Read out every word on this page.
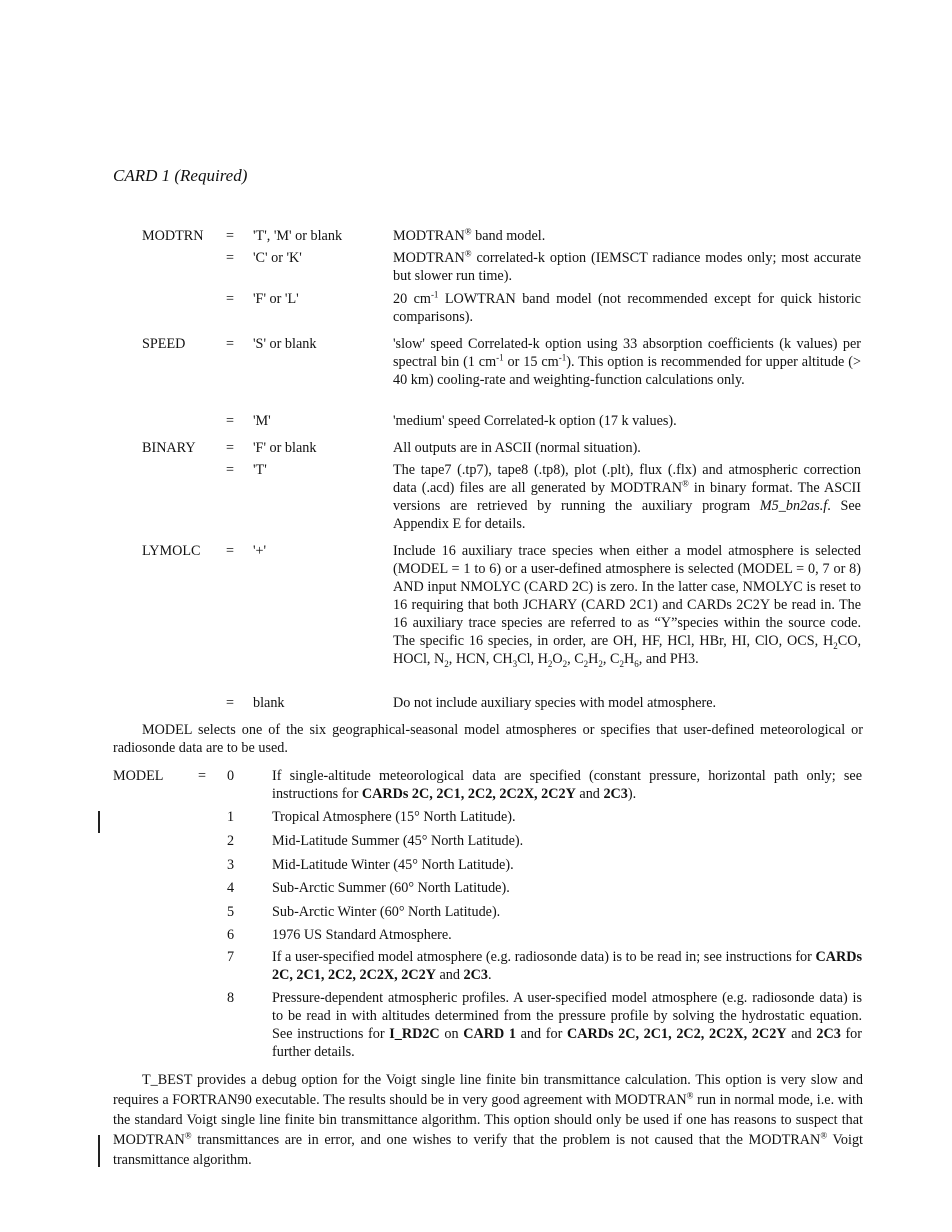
CARD 1 (Required)
MODTRN = 'T', 'M' or blank	MODTRAN® band model.
= 'C' or 'K'	MODTRAN® correlated-k option (IEMSCT radiance modes only; most accurate but slower run time).
= 'F' or 'L'	20 $cm^{-1}$ LOWTRAN band model (not recommended except for quick historic comparisons).
SPEED	= 'S' or blank	'slow' speed Correlated-k option using 33 absorption coefficients (k values) per spectral bin (1 $cm^{-1}$ or 15 $cm^{-1}$). This option is recommended for upper altitude (> 40 km) cooling-rate and weighting-function calculations only.
= 'M'	'medium' speed Correlated-k option (17 k values).
BINARY = 'F' or blank	All outputs are in ASCII (normal situation).
= 'T'	The tape7 (.tp7), tape8 (.tp8), plot (.plt), flux (.flx) and atmospheric correction data (.acd) files are all generated by MODTRAN® in binary format. The ASCII versions are retrieved by running the auxiliary program M5_bn2as.f. See Appendix E for details.
LYMOLC = '+'	Include 16 auxiliary trace species when either a model atmosphere is selected (MODEL = 1 to 6) or a user-defined atmosphere is selected (MODEL = 0, 7 or 8) AND input NMOLYC (CARD 2C) is zero. In the latter case, NMOLYC is reset to 16 requiring that both JCHARY (CARD 2C1) and CARDs 2C2Y be read in. The 16 auxiliary trace species are referred to as “Y”species within the source code. The specific 16 species, in order, are OH, HF, HCl, HBr, HI, ClO, OCS, $H_2CO$, HOCl, $N_2$, HCN, $CH_3Cl$, $H_2O_2$, $C_2H_2$, $C_2H_6$, and PH3.
= blank	Do not include auxiliary species with model atmosphere.
MODEL selects one of the six geographical-seasonal model atmospheres or specifies that user-defined meteorological or radiosonde data are to be used.
MODEL = 0	If single-altitude meteorological data are specified (constant pressure, horizontal path only; see instructions for CARDs 2C, 2C1, 2C2, 2C2X, 2C2Y and 2C3).
1	Tropical Atmosphere (15° North Latitude).
2	Mid-Latitude Summer (45° North Latitude).
3	Mid-Latitude Winter (45° North Latitude).
4	Sub-Arctic Summer (60° North Latitude).
5	Sub-Arctic Winter (60° North Latitude).
6	1976 US Standard Atmosphere.
7	If a user-specified model atmosphere (e.g. radiosonde data) is to be read in; see instructions for CARDs 2C, 2C1, 2C2, 2C2X, 2C2Y and 2C3.
8	Pressure-dependent atmospheric profiles. A user-specified model atmosphere (e.g. radiosonde data) is to be read in with altitudes determined from the pressure profile by solving the hydrostatic equation. See instructions for I_RD2C on CARD 1 and for CARDs 2C, 2C1, 2C2, 2C2X, 2C2Y and 2C3 for further details.
T_BEST provides a debug option for the Voigt single line finite bin transmittance calculation. This option is very slow and requires a FORTRAN90 executable. The results should be in very good agreement with MODTRAN® run in normal mode, i.e. with the standard Voigt single line finite bin transmittance algorithm. This option should only be used if one has reasons to suspect that MODTRAN® transmittances are in error, and one wishes to verify that the problem is not caused that the MODTRAN® Voigt transmittance algorithm.
